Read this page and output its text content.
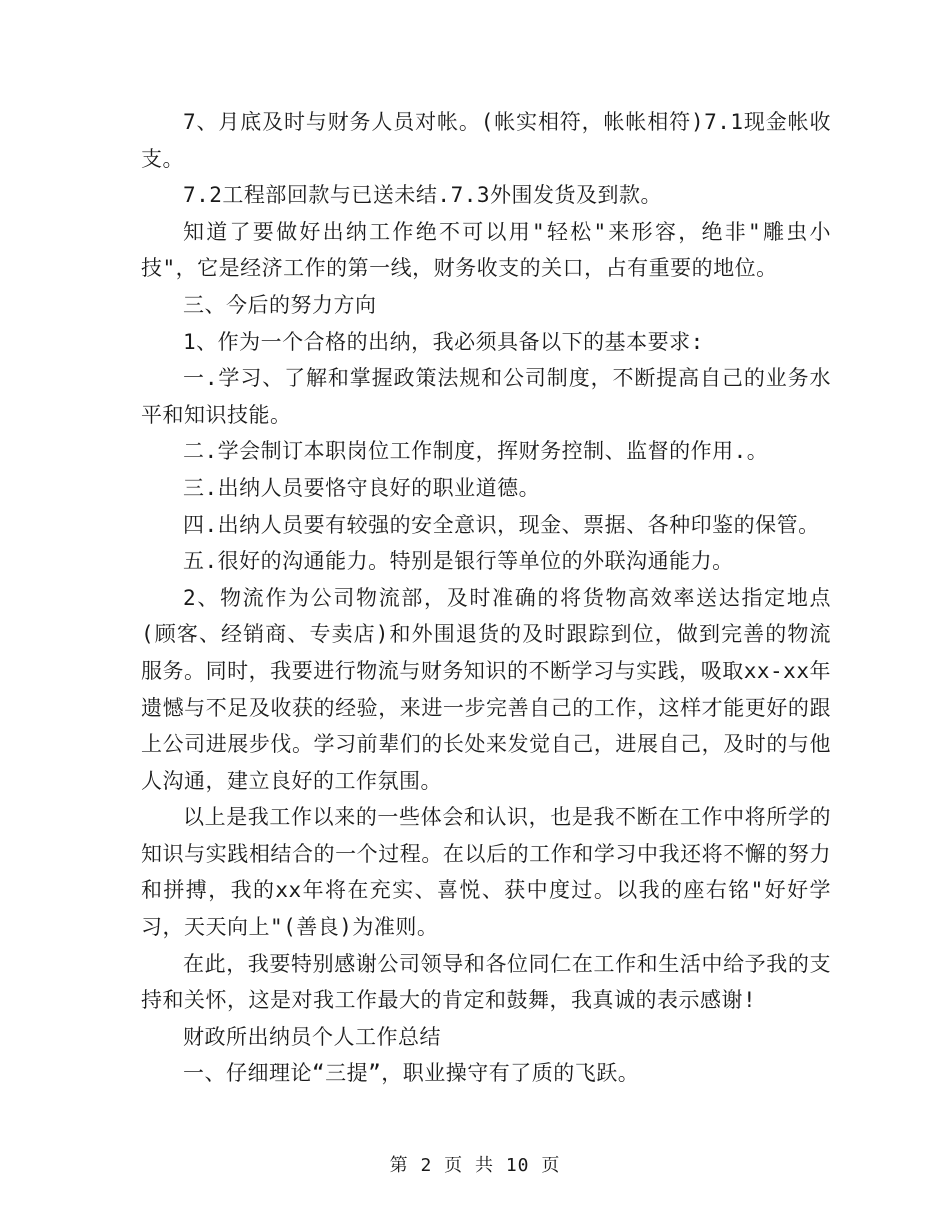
7、月底及时与财务人员对帐。(帐实相符，帐帐相符)7.1现金帐收支。

7.2工程部回款与已送未结.7.3外围发货及到款。

知道了要做好出纳工作绝不可以用"轻松"来形容，绝非"雕虫小技"，它是经济工作的第一线，财务收支的关口，占有重要的地位。

三、今后的努力方向

1、作为一个合格的出纳，我必须具备以下的基本要求:

一.学习、了解和掌握政策法规和公司制度，不断提高自己的业务水平和知识技能。

二.学会制订本职岗位工作制度，挥财务控制、监督的作用.。

三.出纳人员要恪守良好的职业道德。

四.出纳人员要有较强的安全意识，现金、票据、各种印鉴的保管。

五.很好的沟通能力。特别是银行等单位的外联沟通能力。

2、物流作为公司物流部，及时准确的将货物高效率送达指定地点(顾客、经销商、专卖店)和外围退货的及时跟踪到位，做到完善的物流服务。同时，我要进行物流与财务知识的不断学习与实践，吸取xx-xx年遗憾与不足及收获的经验，来进一步完善自己的工作，这样才能更好的跟上公司进展步伐。学习前辈们的长处来发觉自己，进展自己，及时的与他人沟通，建立良好的工作氛围。

以上是我工作以来的一些体会和认识，也是我不断在工作中将所学的知识与实践相结合的一个过程。在以后的工作和学习中我还将不懈的努力和拼搏，我的xx年将在充实、喜悦、获中度过。以我的座右铭"好好学习，天天向上"(善良)为准则。

在此，我要特别感谢公司领导和各位同仁在工作和生活中给予我的支持和关怀，这是对我工作最大的肯定和鼓舞，我真诚的表示感谢!

财政所出纳员个人工作总结

一、仔细理论“三提”，职业操守有了质的飞跃。

第 2 页 共 10 页
